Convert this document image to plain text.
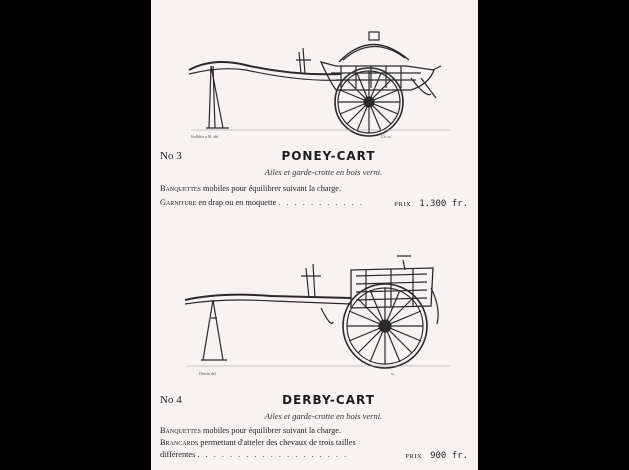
Kolblitz a M. del.	Ch. sc.
No 3	PONEY-CART
Ailes et garde-crotte en bois verni.
Banquettes mobiles pour équilibrer suivant la charge.
Garniture en drap ou en moquette . . . . . . . . . . .	PRIX 1.300 fr.
Dessin del.	sc.
No 4	DERBY-CART
Ailes et garde-crotte en bois verni.
Banquettes mobiles pour équilibrer suivant la charge.
Brancards permettant d'atteler des chevaux de trois tailles
différentes . . . . . . . . . . . . . . . . . . .	PRIX 900 fr.
